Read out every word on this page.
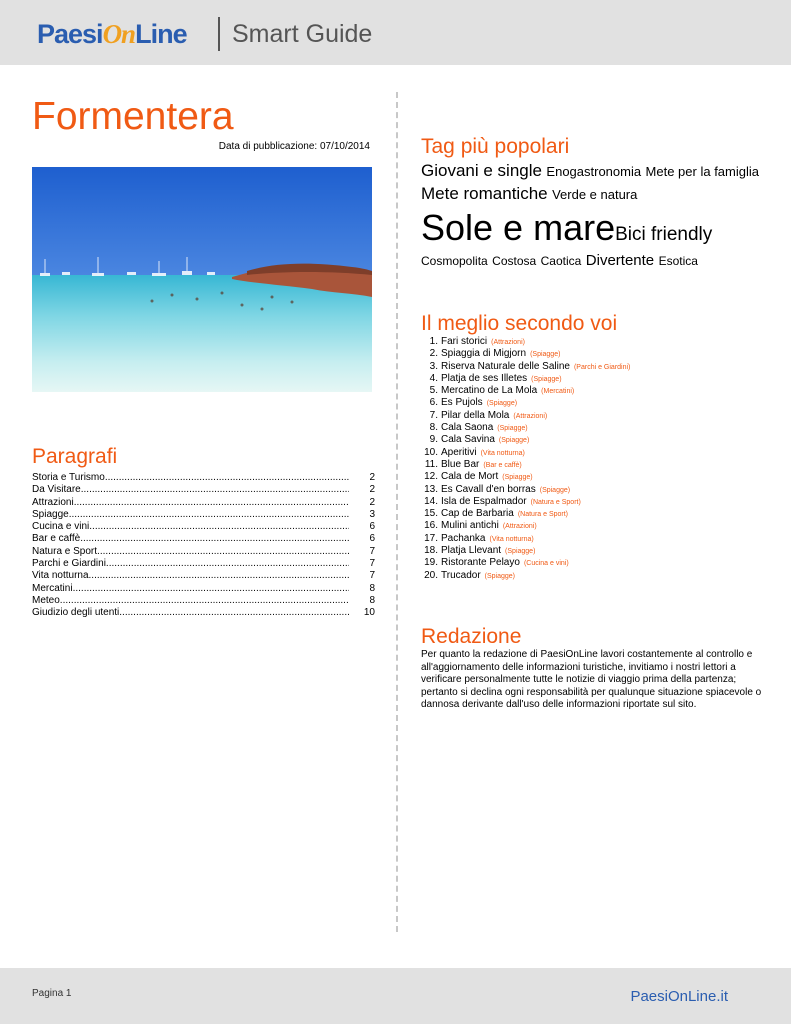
PaesiOnLine Smart Guide
Formentera
Data di pubblicazione: 07/10/2014
Paragrafi
Storia e Turismo .....	2
Da Visitare .....	2
Attrazioni .....	2
Spiagge .....	3
Cucina e vini .....	6
Bar e caffè .....	6
Natura e Sport .....	7
Parchi e Giardini .....	7
Vita notturna .....	7
Mercatini .....	8
Meteo .....	8
Giudizio degli utenti .....	10
Tag più popolari
Giovani e single Enogastronomia Mete per la famiglia Mete romantiche Verde e natura
Sole e mareBici friendly
Cosmopolita Costosa Caotica Divertente Esotica
Il meglio secondo voi
1. Fari storici (Attrazioni)
2. Spiaggia di Migjorn (Spiagge)
3. Riserva Naturale delle Saline (Parchi e Giardini)
4. Platja de ses Illetes (Spiagge)
5. Mercatino de La Mola (Mercatini)
6. Es Pujols (Spiagge)
7. Pilar della Mola (Attrazioni)
8. Cala Saona (Spiagge)
9. Cala Savina (Spiagge)
10. Aperitivi (Vita notturna)
11. Blue Bar (Bar e caffè)
12. Cala de Mort (Spiagge)
13. Es Cavall d'en borras (Spiagge)
14. Isla de Espalmador (Natura e Sport)
15. Cap de Barbaria (Natura e Sport)
16. Mulini antichi (Attrazioni)
17. Pachanka (Vita notturna)
18. Platja Llevant (Spiagge)
19. Ristorante Pelayo (Cucina e vini)
20. Trucador (Spiagge)
Redazione
Per quanto la redazione di PaesiOnLine lavori costantemente al controllo e all'aggiornamento delle informazioni turistiche, invitiamo i nostri lettori a verificare personalmente tutte le notizie di viaggio prima della partenza; pertanto si declina ogni responsabilità per qualunque situazione spiacevole o dannosa derivante dall'uso delle informazioni riportate sul sito.
Pagina 1	PaesiOnLine.it
